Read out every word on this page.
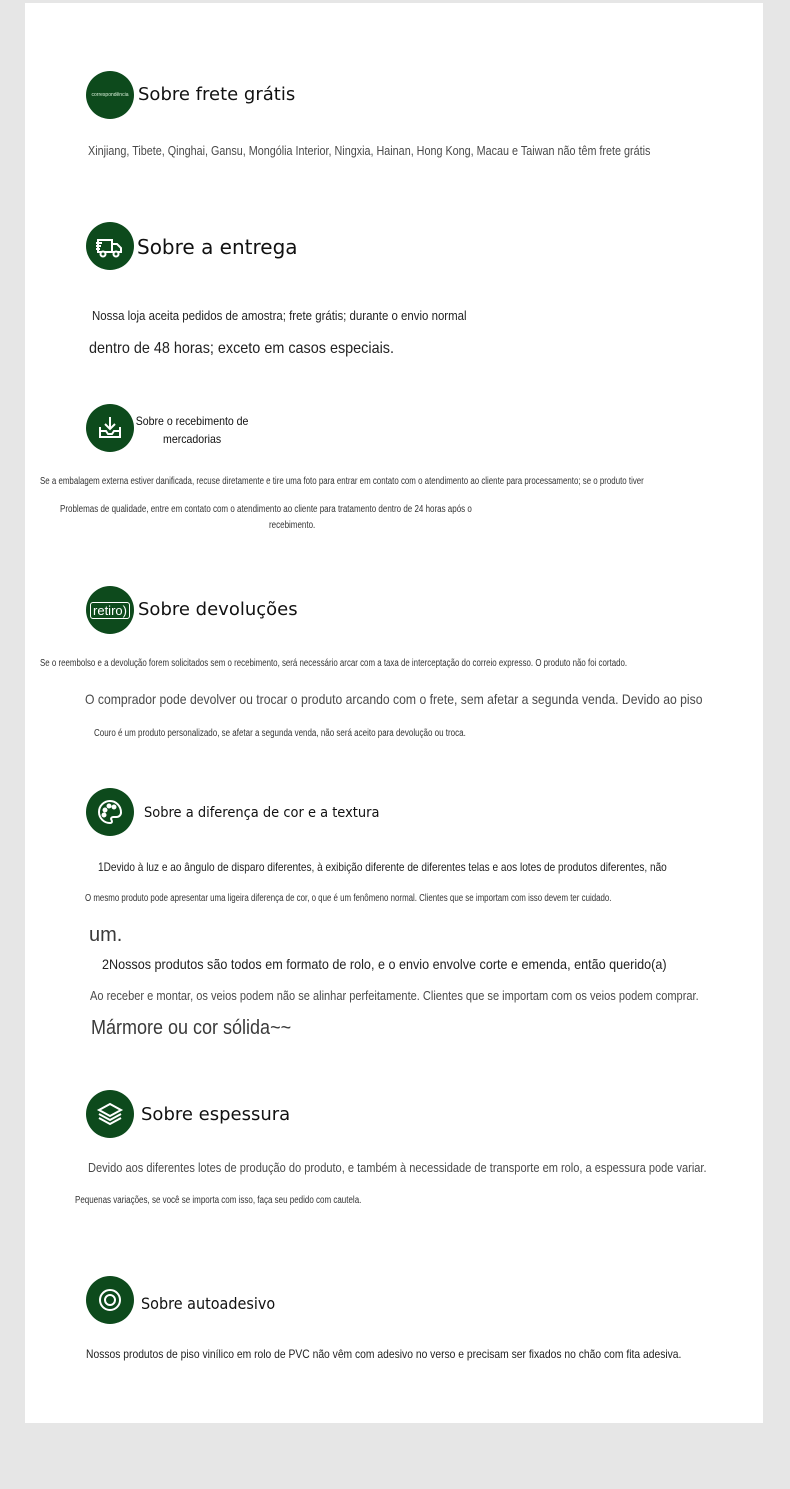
correspondência Sobre frete grátis
Xinjiang, Tibete, Qinghai, Gansu, Mongólia Interior, Ningxia, Hainan, Hong Kong, Macau e Taiwan não têm frete grátis
Sobre a entrega
Nossa loja aceita pedidos de amostra; frete grátis; durante o envio normal
dentro de 48 horas; exceto em casos especiais.
Sobre o recebimento de
mercadorias
Se a embalagem externa estiver danificada, recuse diretamente e tire uma foto para entrar em contato com o atendimento ao cliente para processamento; se o produto tiver
Problemas de qualidade, entre em contato com o atendimento ao cliente para tratamento dentro de 24 horas após o
recebimento.
retiro) Sobre devoluções
Se o reembolso e a devolução forem solicitados sem o recebimento, será necessário arcar com a taxa de interceptação do correio expresso. O produto não foi cortado.
O comprador pode devolver ou trocar o produto arcando com o frete, sem afetar a segunda venda. Devido ao piso
Couro é um produto personalizado, se afetar a segunda venda, não será aceito para devolução ou troca.
Sobre a diferença de cor e a textura
1Devido à luz e ao ângulo de disparo diferentes, à exibição diferente de diferentes telas e aos lotes de produtos diferentes, não
O mesmo produto pode apresentar uma ligeira diferença de cor, o que é um fenômeno normal. Clientes que se importam com isso devem ter cuidado.
um.
2Nossos produtos são todos em formato de rolo, e o envio envolve corte e emenda, então querido(a)
Ao receber e montar, os veios podem não se alinhar perfeitamente. Clientes que se importam com os veios podem comprar.
Mármore ou cor sólida~~
Sobre espessura
Devido aos diferentes lotes de produção do produto, e também à necessidade de transporte em rolo, a espessura pode variar.
Pequenas variações, se você se importa com isso, faça seu pedido com cautela.
Sobre autoadesivo
Nossos produtos de piso vinílico em rolo de PVC não vêm com adesivo no verso e precisam ser fixados no chão com fita adesiva.
